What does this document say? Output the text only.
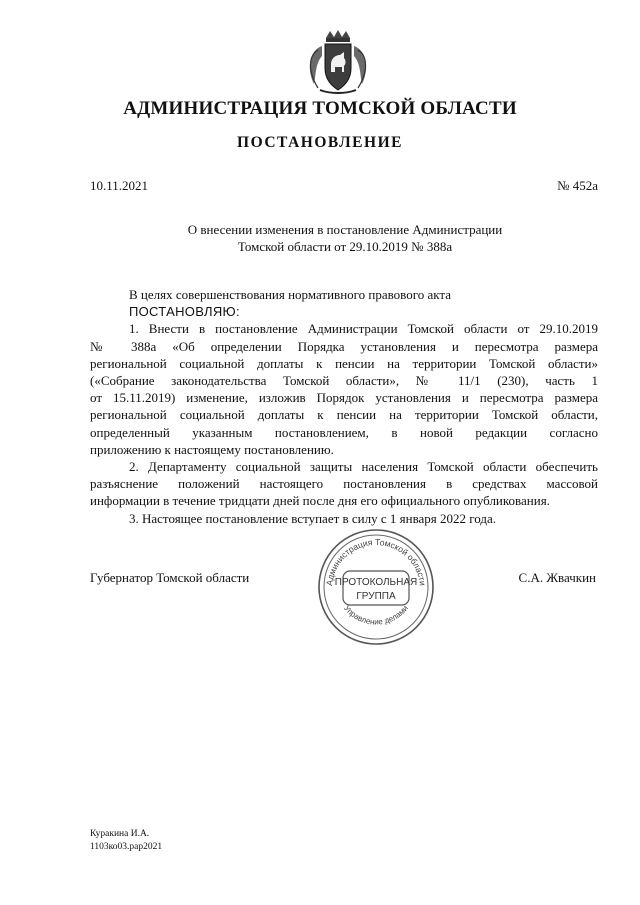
АДМИНИСТРАЦИЯ ТОМСКОЙ ОБЛАСТИ
ПОСТАНОВЛЕНИЕ
10.11.2021	№ 452а
О внесении изменения в постановление Администрации
Томской области от 29.10.2019 № 388а
В целях совершенствования нормативного правового акта
ПОСТАНОВЛЯЮ:
1. Внести в постановление Администрации Томской области от 29.10.2019
№ 388а «Об определении Порядка установления и пересмотра размера
региональной социальной доплаты к пенсии на территории Томской области»
(«Собрание законодательства Томской области», № 11/1 (230), часть 1
от 15.11.2019) изменение, изложив Порядок установления и пересмотра размера
региональной социальной доплаты к пенсии на территории Томской области,
определенный указанным постановлением, в новой редакции согласно
приложению к настоящему постановлению.
2. Департаменту социальной защиты населения Томской области обеспечить
разъяснение положений настоящего постановления в средствах массовой
информации в течение тридцати дней после дня его официального опубликования.
3. Настоящее постановление вступает в силу с 1 января 2022 года.
Губернатор Томской области	С.А. Жвачкин
Администрация Томской области
Управление делами
ПРОТОКОЛЬНАЯ
ГРУППА
Куракина И.А.
1103ко03.рар2021
